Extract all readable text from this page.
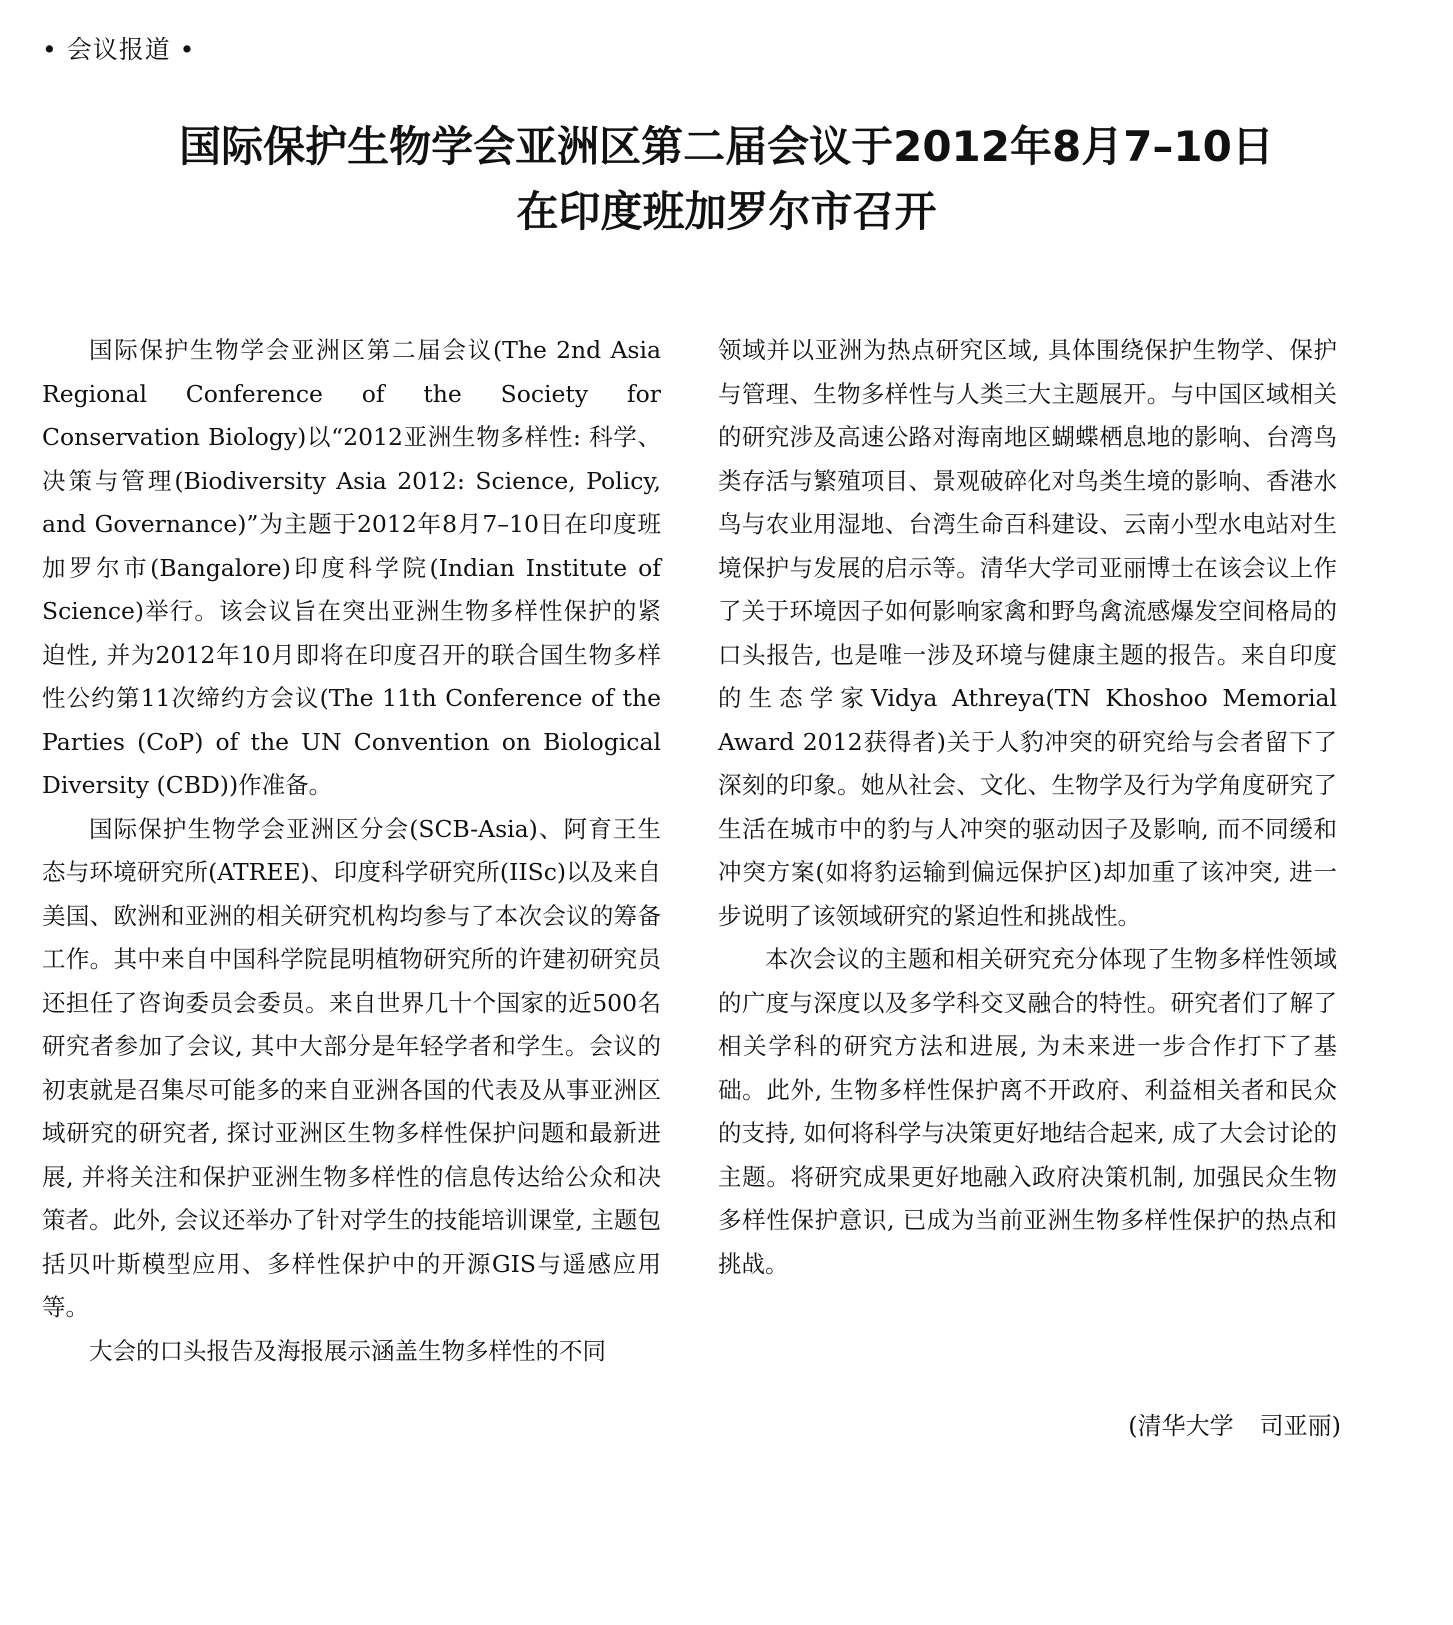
• 会议报道 •
国际保护生物学会亚洲区第二届会议于2012年8月7–10日
在印度班加罗尔市召开

国际保护生物学会亚洲区第二届会议(The 2nd Asia Regional Conference of the Society for Conservation Biology)以“2012亚洲生物多样性: 科学、决策与管理(Biodiversity Asia 2012: Science, Policy, and Governance)”为主题于2012年8月7–10日在印度班加罗尔市(Bangalore)印度科学院(Indian Institute of Science)举行。该会议旨在突出亚洲生物多样性保护的紧迫性, 并为2012年10月即将在印度召开的联合国生物多样性公约第11次缔约方会议(The 11th Conference of the Parties (CoP) of the UN Convention on Biological Diversity (CBD))作准备。

国际保护生物学会亚洲区分会(SCB-Asia)、阿育王生态与环境研究所(ATREE)、印度科学研究所(IISc)以及来自美国、欧洲和亚洲的相关研究机构均参与了本次会议的筹备工作。其中来自中国科学院昆明植物研究所的许建初研究员还担任了咨询委员会委员。来自世界几十个国家的近500名研究者参加了会议, 其中大部分是年轻学者和学生。会议的初衷就是召集尽可能多的来自亚洲各国的代表及从事亚洲区域研究的研究者, 探讨亚洲区生物多样性保护问题和最新进展, 并将关注和保护亚洲生物多样性的信息传达给公众和决策者。此外, 会议还举办了针对学生的技能培训课堂, 主题包括贝叶斯模型应用、多样性保护中的开源GIS与遥感应用等。

大会的口头报告及海报展示涵盖生物多样性的不同

领域并以亚洲为热点研究区域, 具体围绕保护生物学、保护与管理、生物多样性与人类三大主题展开。与中国区域相关的研究涉及高速公路对海南地区蝴蝶栖息地的影响、台湾鸟类存活与繁殖项目、景观破碎化对鸟类生境的影响、香港水鸟与农业用湿地、台湾生命百科建设、云南小型水电站对生境保护与发展的启示等。清华大学司亚丽博士在该会议上作了关于环境因子如何影响家禽和野鸟禽流感爆发空间格局的口头报告, 也是唯一涉及环境与健康主题的报告。来自印度的生态学家Vidya Athreya(TN Khoshoo Memorial Award 2012获得者)关于人豹冲突的研究给与会者留下了深刻的印象。她从社会、文化、生物学及行为学角度研究了生活在城市中的豹与人冲突的驱动因子及影响, 而不同缓和冲突方案(如将豹运输到偏远保护区)却加重了该冲突, 进一步说明了该领域研究的紧迫性和挑战性。

本次会议的主题和相关研究充分体现了生物多样性领域的广度与深度以及多学科交叉融合的特性。研究者们了解了相关学科的研究方法和进展, 为未来进一步合作打下了基础。此外, 生物多样性保护离不开政府、利益相关者和民众的支持, 如何将科学与决策更好地结合起来, 成了大会讨论的主题。将研究成果更好地融入政府决策机制, 加强民众生物多样性保护意识, 已成为当前亚洲生物多样性保护的热点和挑战。

(清华大学 司亚丽)
